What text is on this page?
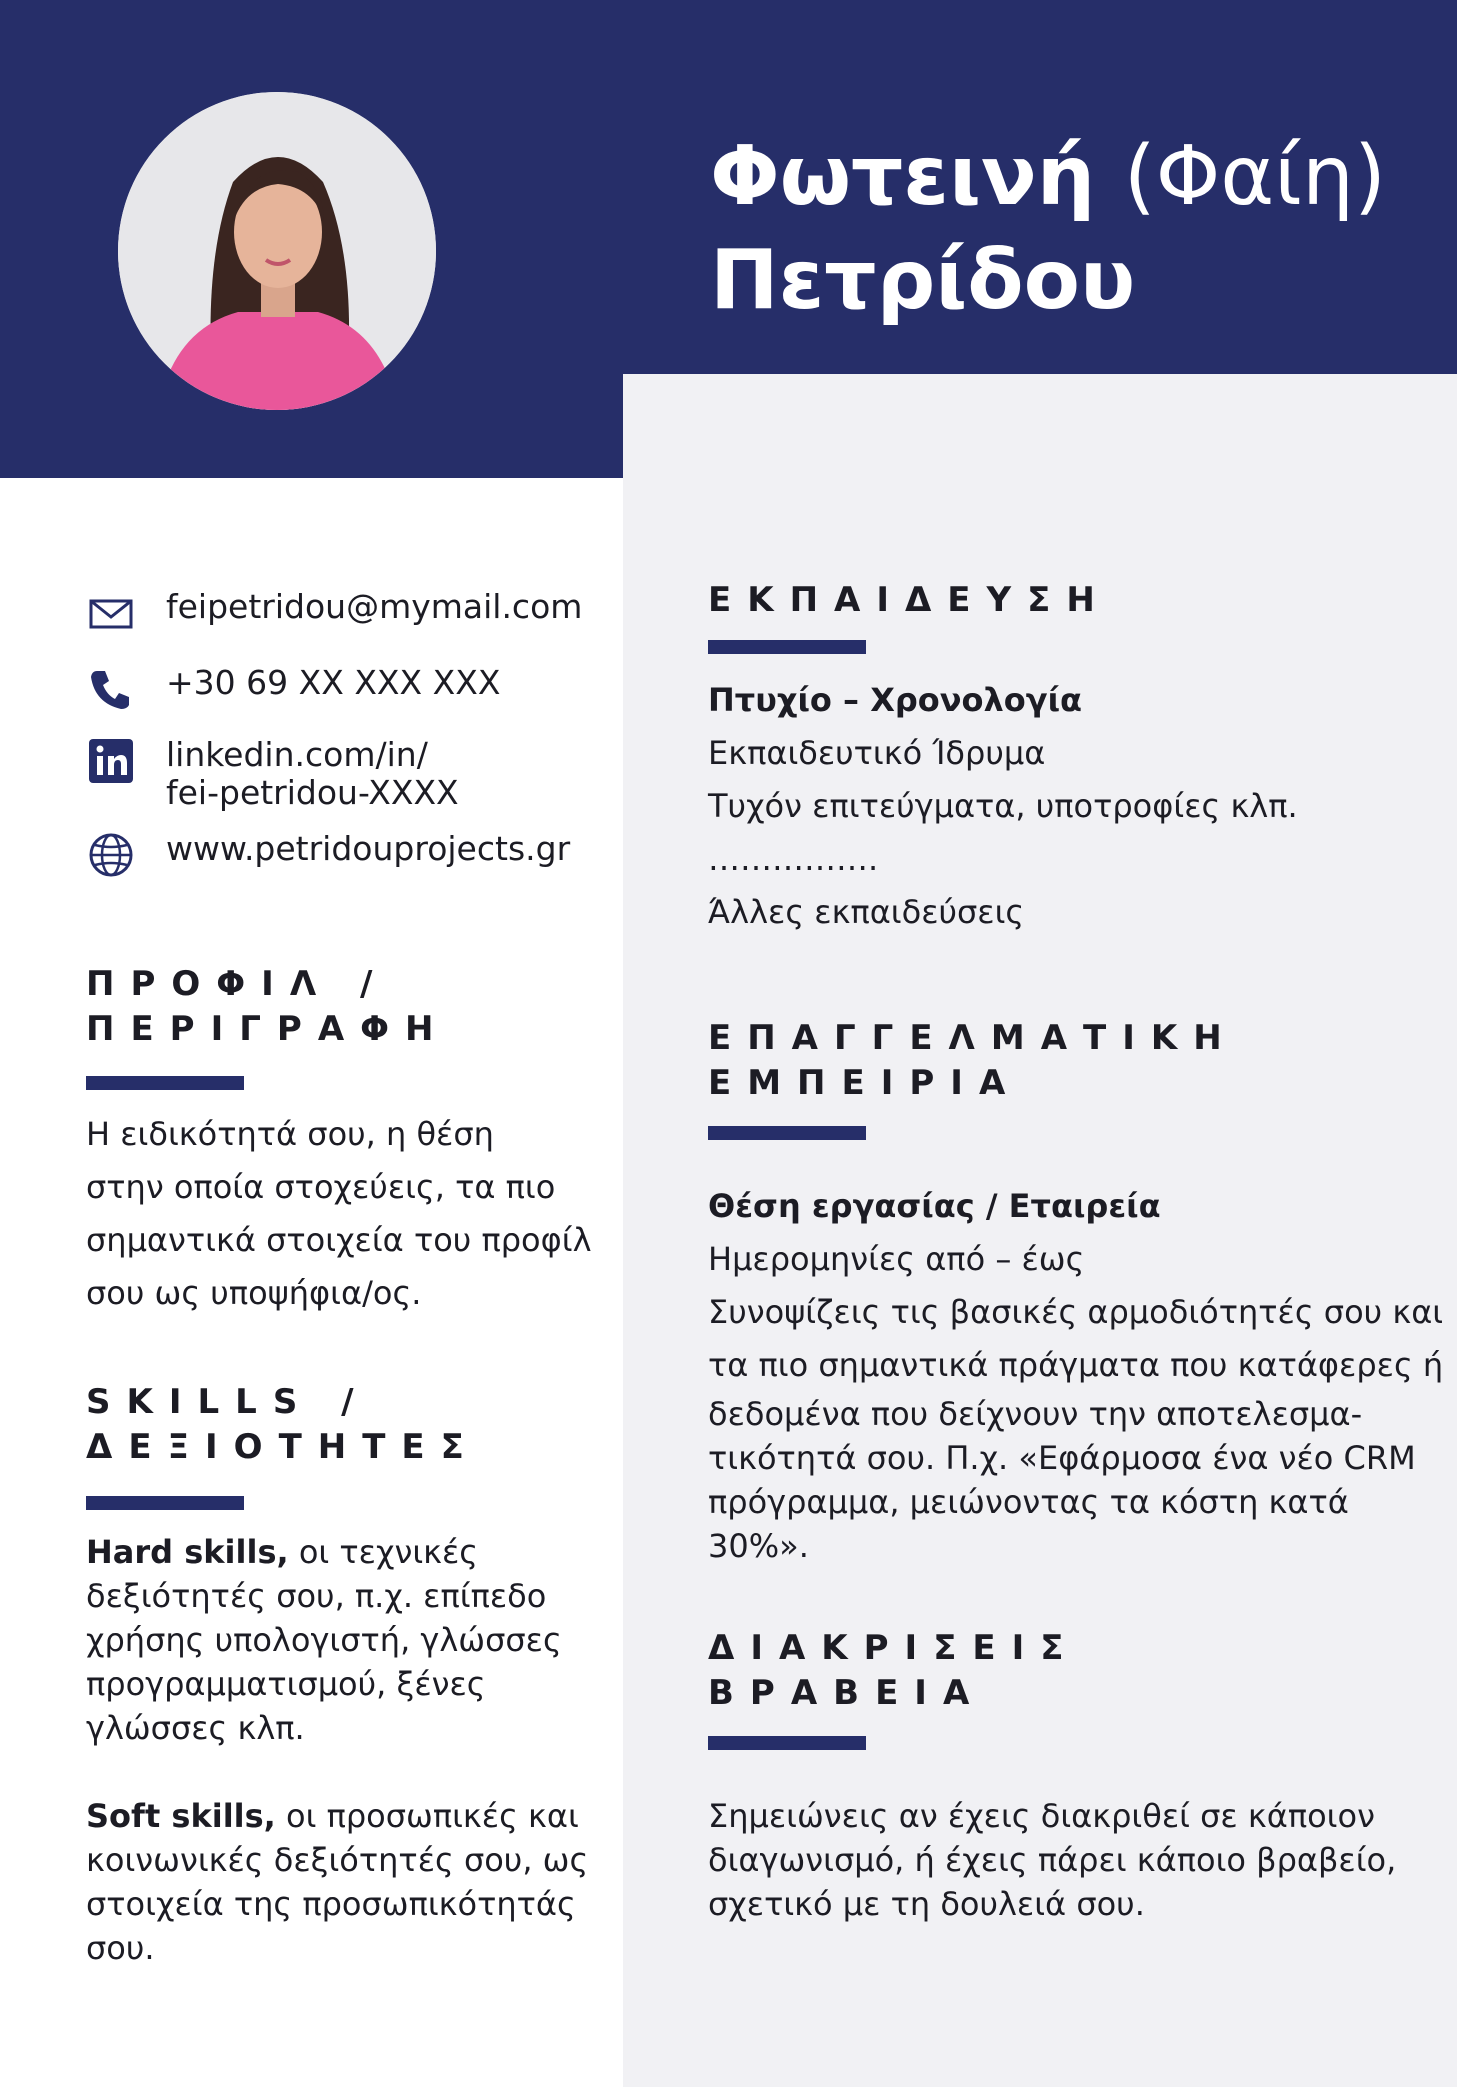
Φωτεινή (Φαίη)
Πετρίδου
feipetridou@mymail.com
+30 69 XX XXX XXX
linkedin.com/in/
fei-petridou-XXXX
www.petridouprojects.gr
ΠΡΟΦΙΛ /
ΠΕΡΙΓΡΑΦΗ

Η ειδικότητά σου, η θέση

στην οποία στοχεύεις, τα πιο

σημαντικά στοιχεία του προφίλ

σου ως υποψήφια/ος.

SKILLS /
ΔΕΞΙΟΤΗΤΕΣ

Hard skills, οι τεχνικές

δεξιότητές σου, π.χ. επίπεδο

χρήσης υπολογιστή, γλώσσες

προγραμματισμού, ξένες

γλώσσες κλπ.

Soft skills, οι προσωπικές και

κοινωνικές δεξιότητές σου, ως

στοιχεία της προσωπικότητάς

σου.

ΕΚΠΑΙΔΕΥΣΗ

Πτυχίο – Χρονολογία

Εκπαιδευτικό Ίδρυμα

Τυχόν επιτεύγματα, υποτροφίες κλπ.

…………….

Άλλες εκπαιδεύσεις

ΕΠΑΓΓΕΛΜΑΤΙΚΗ
ΕΜΠΕΙΡΙΑ

Θέση εργασίας / Εταιρεία

Ημερομηνίες από – έως

Συνοψίζεις τις βασικές αρμοδιότητές σου και

τα πιο σημαντικά πράγματα που κατάφερες ή

δεδομένα που δείχνουν την αποτελεσμα-

τικότητά σου. Π.χ. «Εφάρμοσα ένα νέο CRM

πρόγραμμα, μειώνοντας τα κόστη κατά 30%».

ΔΙΑΚΡΙΣΕΙΣ
ΒΡΑΒΕΙΑ

Σημειώνεις αν έχεις διακριθεί σε κάποιον

διαγωνισμό, ή έχεις πάρει κάποιο βραβείο,

σχετικό με τη δουλειά σου.
